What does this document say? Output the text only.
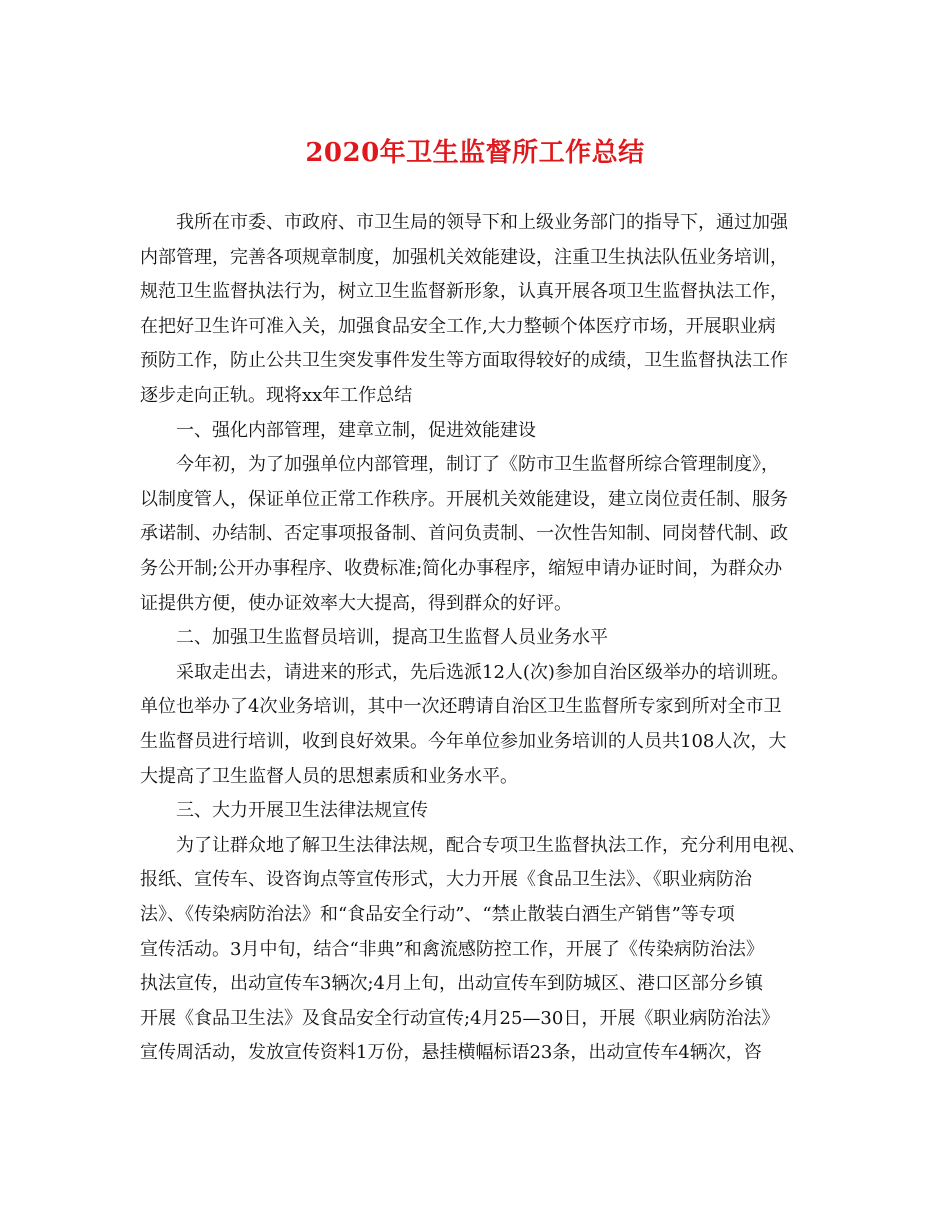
2020年卫生监督所工作总结
我所在市委、市政府、市卫生局的领导下和上级业务部门的指导下，通过加强
内部管理，完善各项规章制度，加强机关效能建设，注重卫生执法队伍业务培训，
规范卫生监督执法行为，树立卫生监督新形象，认真开展各项卫生监督执法工作，
在把好卫生许可准入关，加强食品安全工作,大力整顿个体医疗市场，开展职业病
预防工作，防止公共卫生突发事件发生等方面取得较好的成绩，卫生监督执法工作
逐步走向正轨。现将xx年工作总结
一、强化内部管理，建章立制，促进效能建设
今年初，为了加强单位内部管理，制订了《防市卫生监督所综合管理制度》，
以制度管人，保证单位正常工作秩序。开展机关效能建设，建立岗位责任制、服务
承诺制、办结制、否定事项报备制、首问负责制、一次性告知制、同岗替代制、政
务公开制;公开办事程序、收费标准;简化办事程序，缩短申请办证时间，为群众办
证提供方便，使办证效率大大提高，得到群众的好评。
二、加强卫生监督员培训，提高卫生监督人员业务水平
采取走出去，请进来的形式，先后选派12人(次)参加自治区级举办的培训班。
单位也举办了4次业务培训，其中一次还聘请自治区卫生监督所专家到所对全市卫
生监督员进行培训，收到良好效果。今年单位参加业务培训的人员共108人次，大
大提高了卫生监督人员的思想素质和业务水平。
三、大力开展卫生法律法规宣传
为了让群众地了解卫生法律法规，配合专项卫生监督执法工作，充分利用电视、
报纸、宣传车、设咨询点等宣传形式，大力开展《食品卫生法》、《职业病防治
法》、《传染病防治法》和“食品安全行动”、“禁止散装白酒生产销售”等专项
宣传活动。3月中旬，结合“非典”和禽流感防控工作，开展了《传染病防治法》
执法宣传，出动宣传车3辆次;4月上旬，出动宣传车到防城区、港口区部分乡镇
开展《食品卫生法》及食品安全行动宣传;4月25—30日，开展《职业病防治法》
宣传周活动，发放宣传资料1万份，悬挂横幅标语23条，出动宣传车4辆次，咨
